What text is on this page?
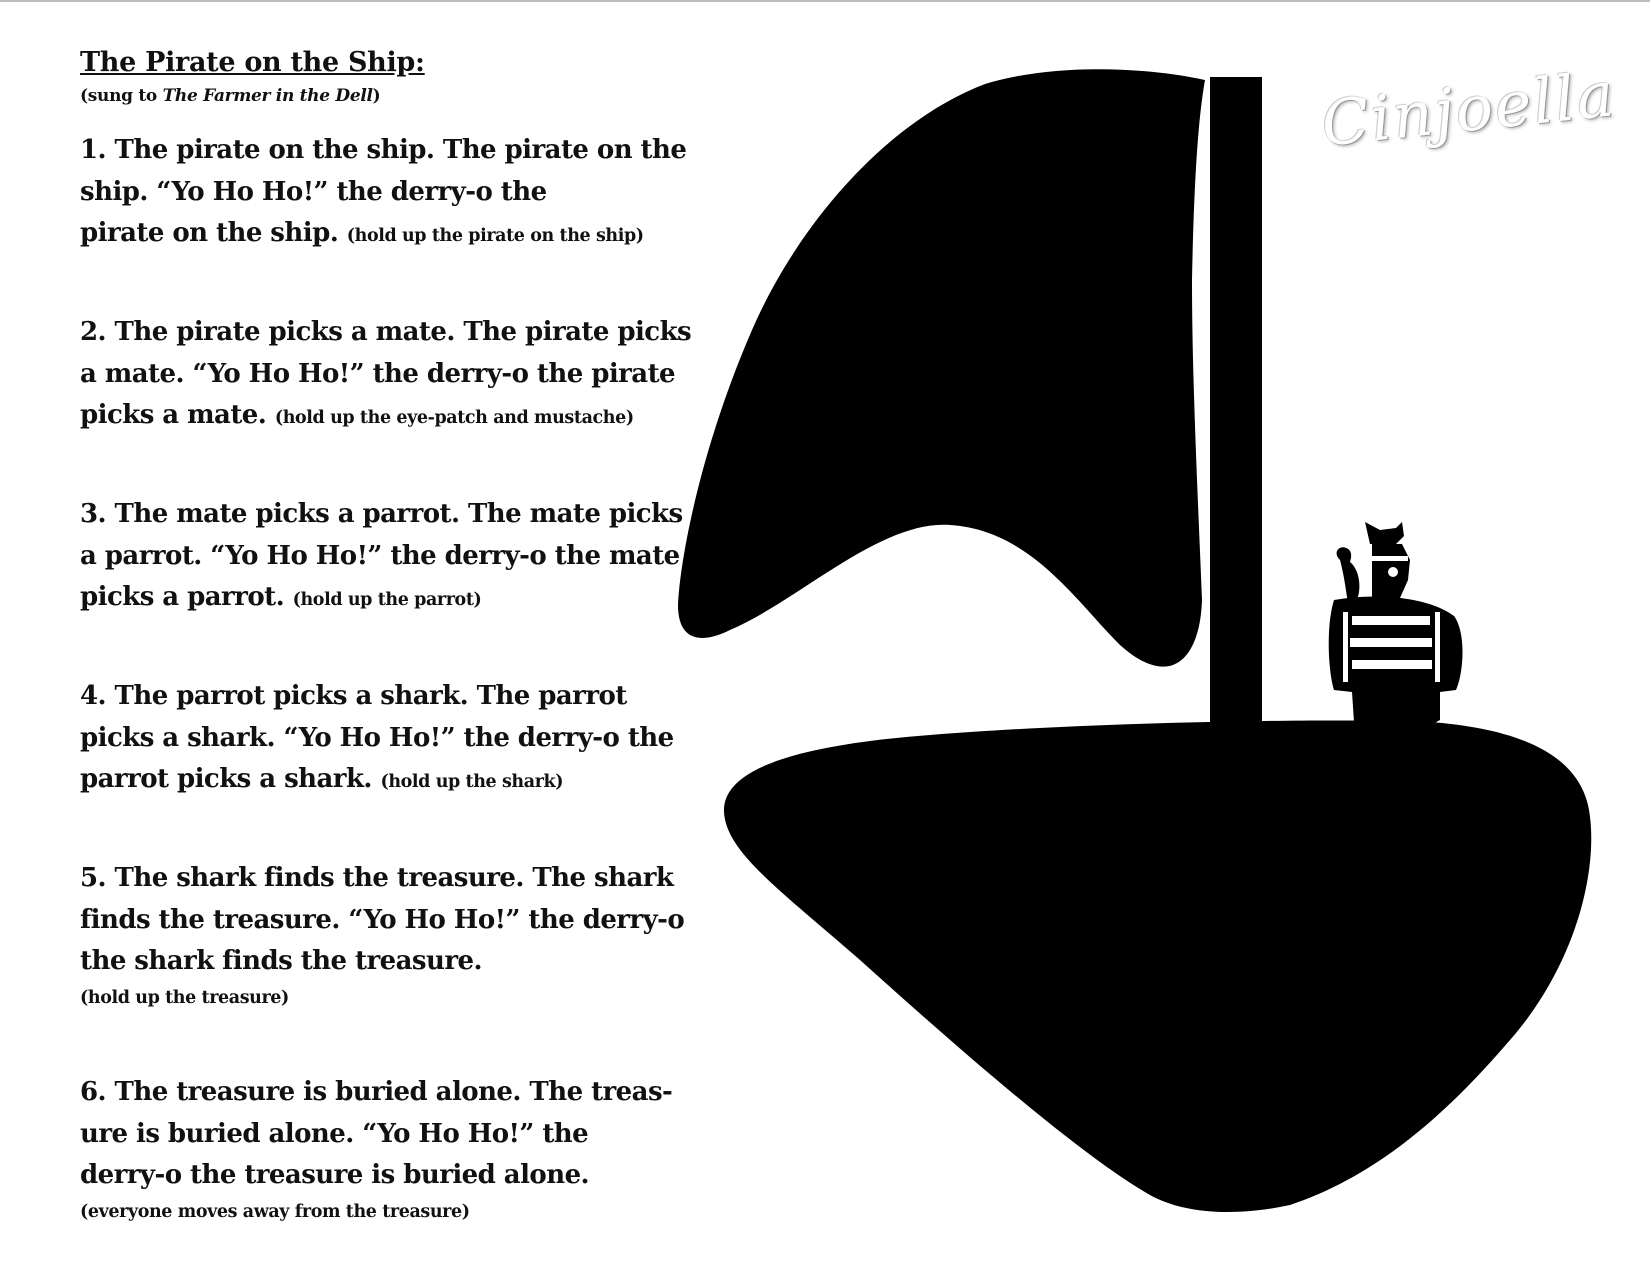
The Pirate on the Ship:

(sung to The Farmer in the Dell)

1. The pirate on the ship. The pirate on the
ship. “Yo Ho Ho!” the derry-o the
pirate on the ship. (hold up the pirate on the ship)
2. The pirate picks a mate. The pirate picks
a mate. “Yo Ho Ho!” the derry-o the pirate
picks a mate. (hold up the eye-patch and mustache)
3. The mate picks a parrot. The mate picks
a parrot. “Yo Ho Ho!” the derry-o the mate
picks a parrot. (hold up the parrot)
4. The parrot picks a shark. The parrot
picks a shark. “Yo Ho Ho!” the derry-o the
parrot picks a shark. (hold up the shark)
5. The shark finds the treasure. The shark
finds the treasure. “Yo Ho Ho!” the derry-o
the shark finds the treasure.
(hold up the treasure)
6. The treasure is buried alone. The treas-
ure is buried alone. “Yo Ho Ho!” the
derry-o the treasure is buried alone.
(everyone moves away from the treasure)
Cinjoella
